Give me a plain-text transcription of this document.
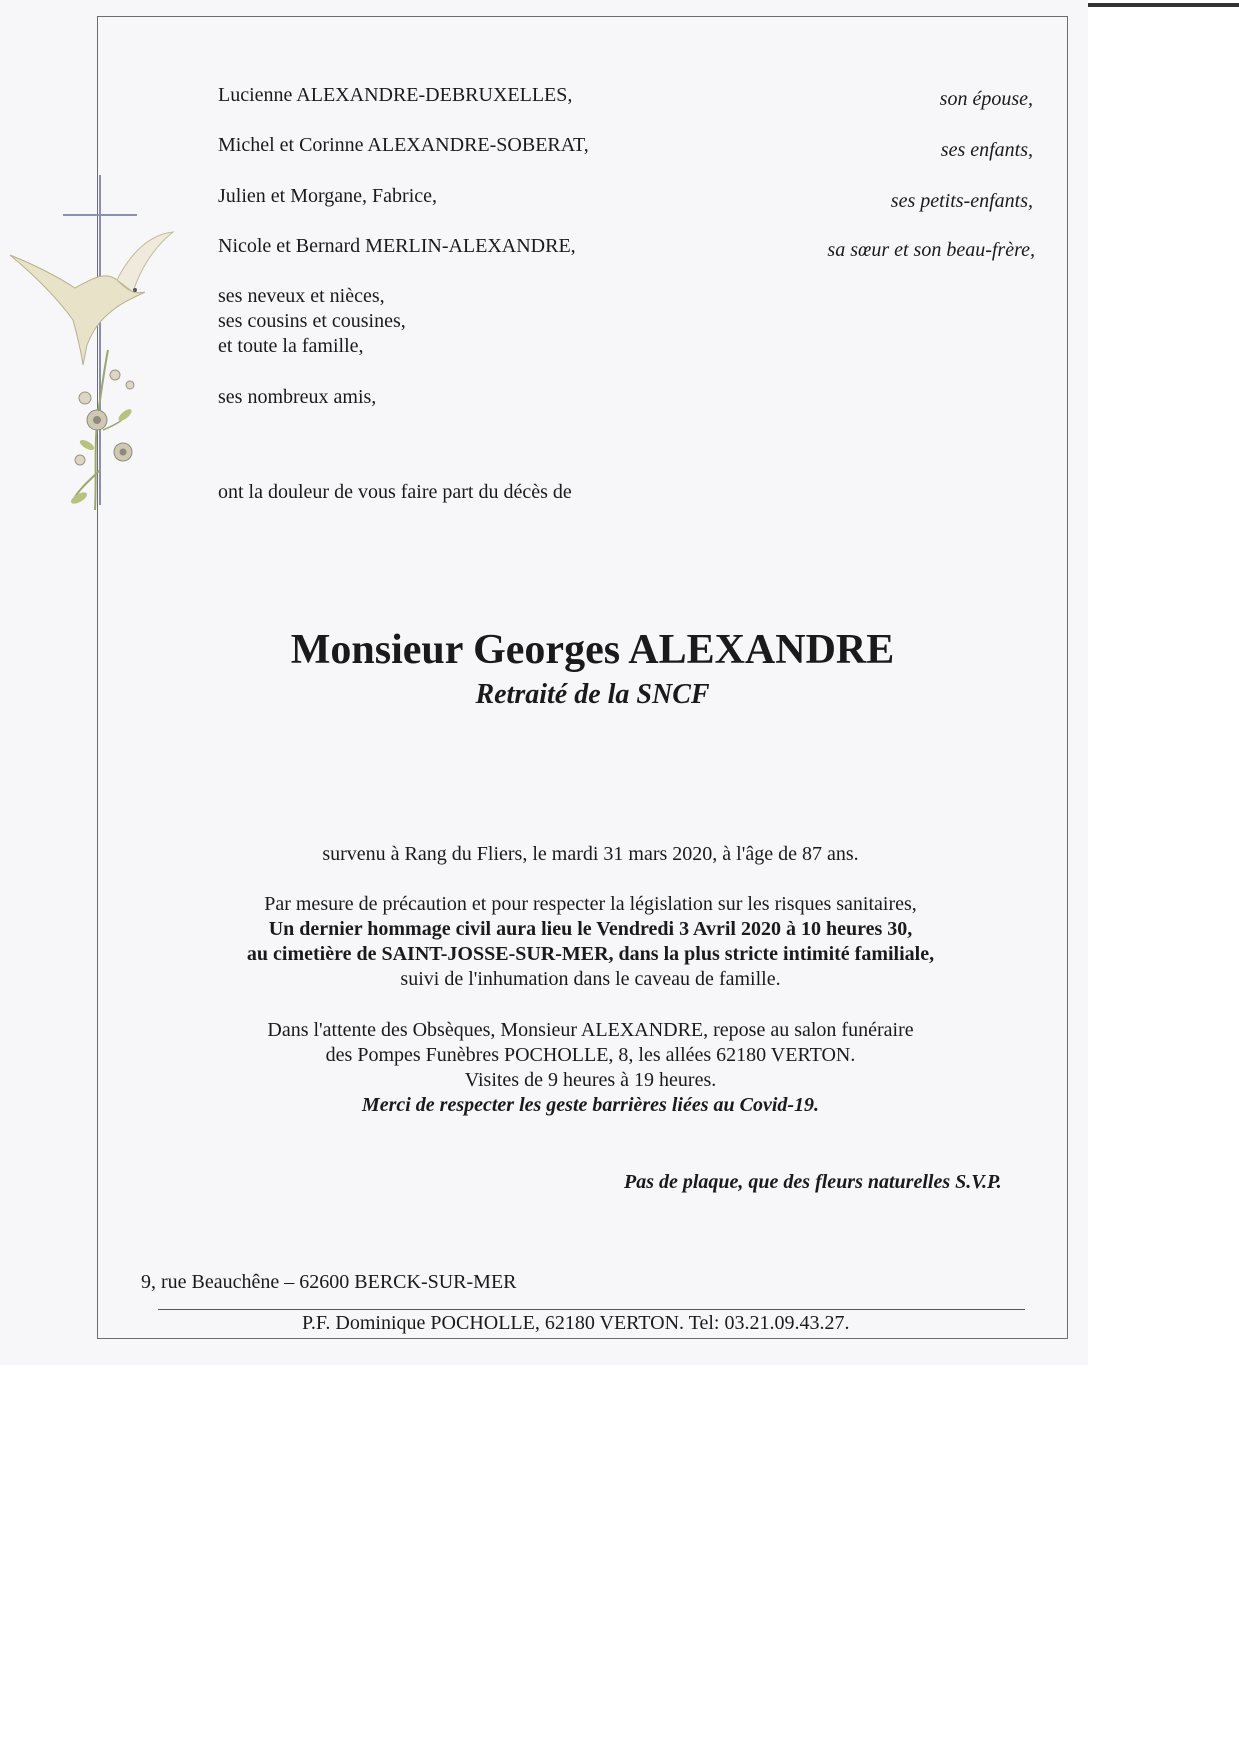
Lucienne ALEXANDRE-DEBRUXELLES,	son épouse,
Michel et Corinne ALEXANDRE-SOBERAT,	ses enfants,
Julien et Morgane, Fabrice,	ses petits-enfants,
Nicole et Bernard MERLIN-ALEXANDRE,	sa sœur et son beau-frère,
ses neveux et nièces,
ses cousins et cousines,
et toute la famille,
ses nombreux amis,
ont la douleur de vous faire part du décès de
Monsieur Georges ALEXANDRE
Retraité de la SNCF
survenu à Rang du Fliers, le mardi 31 mars 2020, à l'âge de 87 ans.
Par mesure de précaution et pour respecter la législation sur les risques sanitaires,
Un dernier hommage civil aura lieu le Vendredi 3 Avril 2020 à 10 heures 30,
au cimetière de SAINT-JOSSE-SUR-MER, dans la plus stricte intimité familiale,
suivi de l'inhumation dans le caveau de famille.
Dans l'attente des Obsèques, Monsieur ALEXANDRE, repose au salon funéraire
des Pompes Funèbres POCHOLLE, 8, les allées 62180 VERTON.
Visites de 9 heures à 19 heures.
Merci de respecter les geste barrières liées au Covid-19.
Pas de plaque, que des fleurs naturelles S.V.P.
9, rue Beauchêne – 62600 BERCK-SUR-MER
P.F. Dominique POCHOLLE, 62180 VERTON. Tel: 03.21.09.43.27.
